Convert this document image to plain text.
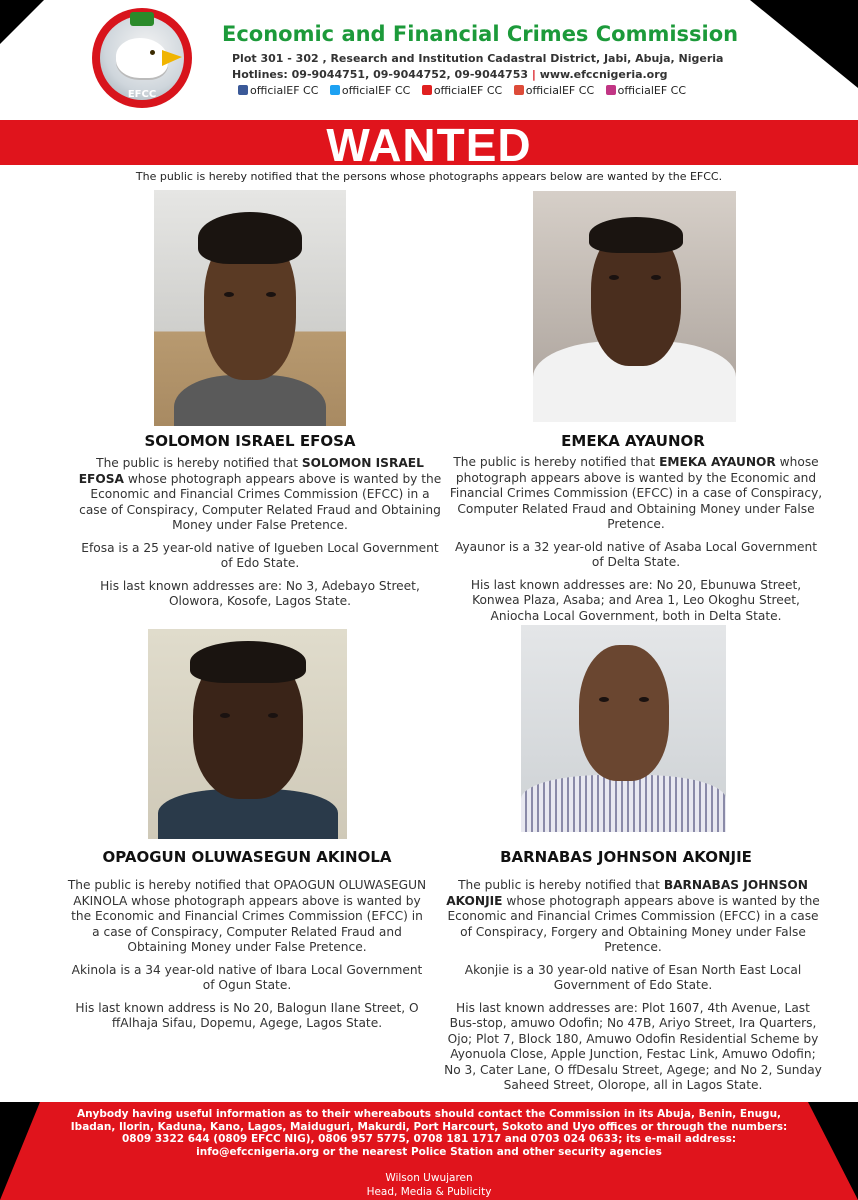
EFCC
Economic and Financial Crimes Commission
Plot 301 - 302 , Research and Institution Cadastral District, Jabi, Abuja, Nigeria
Hotlines: 09-9044751, 09-9044752, 09-9044753 | www.efccnigeria.org
officialEF CC officialEF CC officialEF CC officialEF CC officialEF CC
WANTED
The public is hereby notified that the persons whose photographs appears below are wanted by the EFCC.
SOLOMON ISRAEL EFOSA

The public is hereby notified that SOLOMON ISRAEL EFOSA whose photograph appears above is wanted by the Economic and Financial Crimes Commission (EFCC) in a case of Conspiracy, Computer Related Fraud and Obtaining Money under False Pretence.

Efosa is a 25 year-old native of Igueben Local Government of Edo State.

His last known addresses are: No 3, Adebayo Street, Olowora, Kosofe, Lagos State.

EMEKA AYAUNOR

The public is hereby notified that EMEKA AYAUNOR whose photograph appears above is wanted by the Economic and Financial Crimes Commission (EFCC) in a case of Conspiracy, Computer Related Fraud and Obtaining Money under False Pretence.

Ayaunor is a 32 year-old native of Asaba Local Government of Delta State.

His last known addresses are: No 20, Ebunuwa Street, Konwea Plaza, Asaba; and Area 1, Leo Okoghu Street, Aniocha Local Government, both in Delta State.

OPAOGUN OLUWASEGUN AKINOLA

The public is hereby notified that OPAOGUN OLUWASEGUN AKINOLA whose photograph appears above is wanted by the Economic and Financial Crimes Commission (EFCC) in a case of Conspiracy, Computer Related Fraud and Obtaining Money under False Pretence.

Akinola is a 34 year-old native of Ibara Local Government of Ogun State.

His last known address is No 20, Balogun Ilane Street, O ffAlhaja Sifau, Dopemu, Agege, Lagos State.

BARNABAS JOHNSON AKONJIE

The public is hereby notified that BARNABAS JOHNSON AKONJIE whose photograph appears above is wanted by the Economic and Financial Crimes Commission (EFCC) in a case of Conspiracy, Forgery and Obtaining Money under False Pretence.

Akonjie is a 30 year-old native of Esan North East Local Government of Edo State.

His last known addresses are: Plot 1607, 4th Avenue, Last Bus-stop, amuwo Odofin; No 47B, Ariyo Street, Ira Quarters, Ojo; Plot 7, Block 180, Amuwo Odofin Residential Scheme by Ayonuola Close, Apple Junction, Festac Link, Amuwo Odofin; No 3, Cater Lane, O ffDesalu Street, Agege; and No 2, Sunday Saheed Street, Olorope, all in Lagos State.

Anybody having useful information as to their whereabouts should contact the Commission in its Abuja, Benin, Enugu, Ibadan, Ilorin, Kaduna, Kano, Lagos, Maiduguri, Makurdi, Port Harcourt, Sokoto and Uyo offices or through the numbers: 0809 3322 644 (0809 EFCC NIG), 0806 957 5775, 0708 181 1717 and 0703 024 0633; its e-mail address: info@efccnigeria.org or the nearest Police Station and other security agencies
Wilson Uwujaren
Head, Media & Publicity
